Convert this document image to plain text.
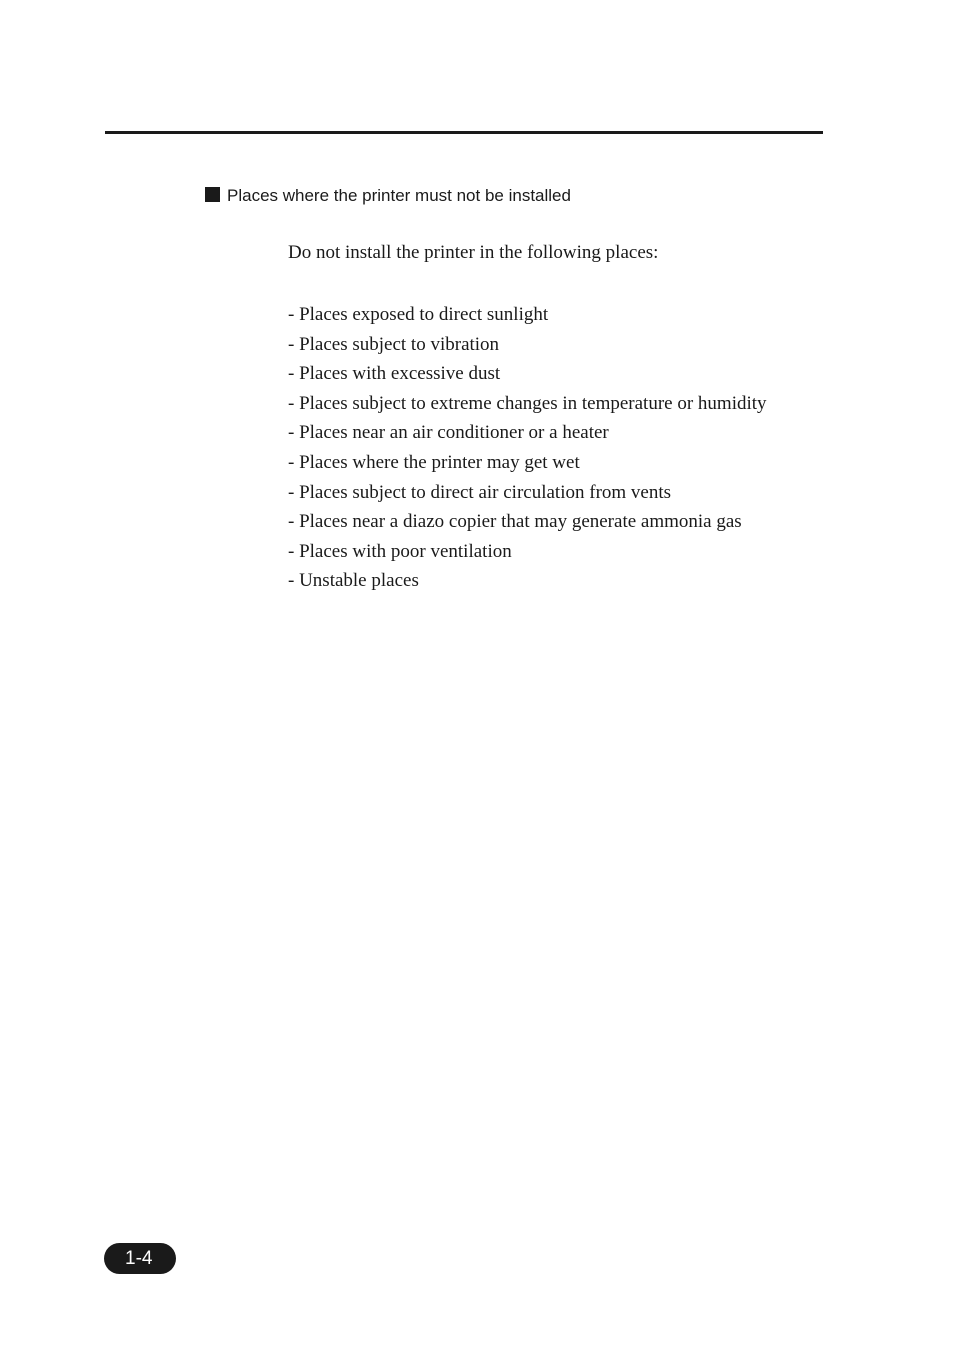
Places where the printer must not be installed
Do not install the printer in the following places:
- Places exposed to direct sunlight
- Places subject to vibration
- Places with excessive dust
- Places subject to extreme changes in temperature or humidity
- Places near an air conditioner or a heater
- Places where the printer may get wet
- Places subject to direct air circulation from vents
- Places near a diazo copier that may generate ammonia gas
- Places with poor ventilation
- Unstable places
1-4
